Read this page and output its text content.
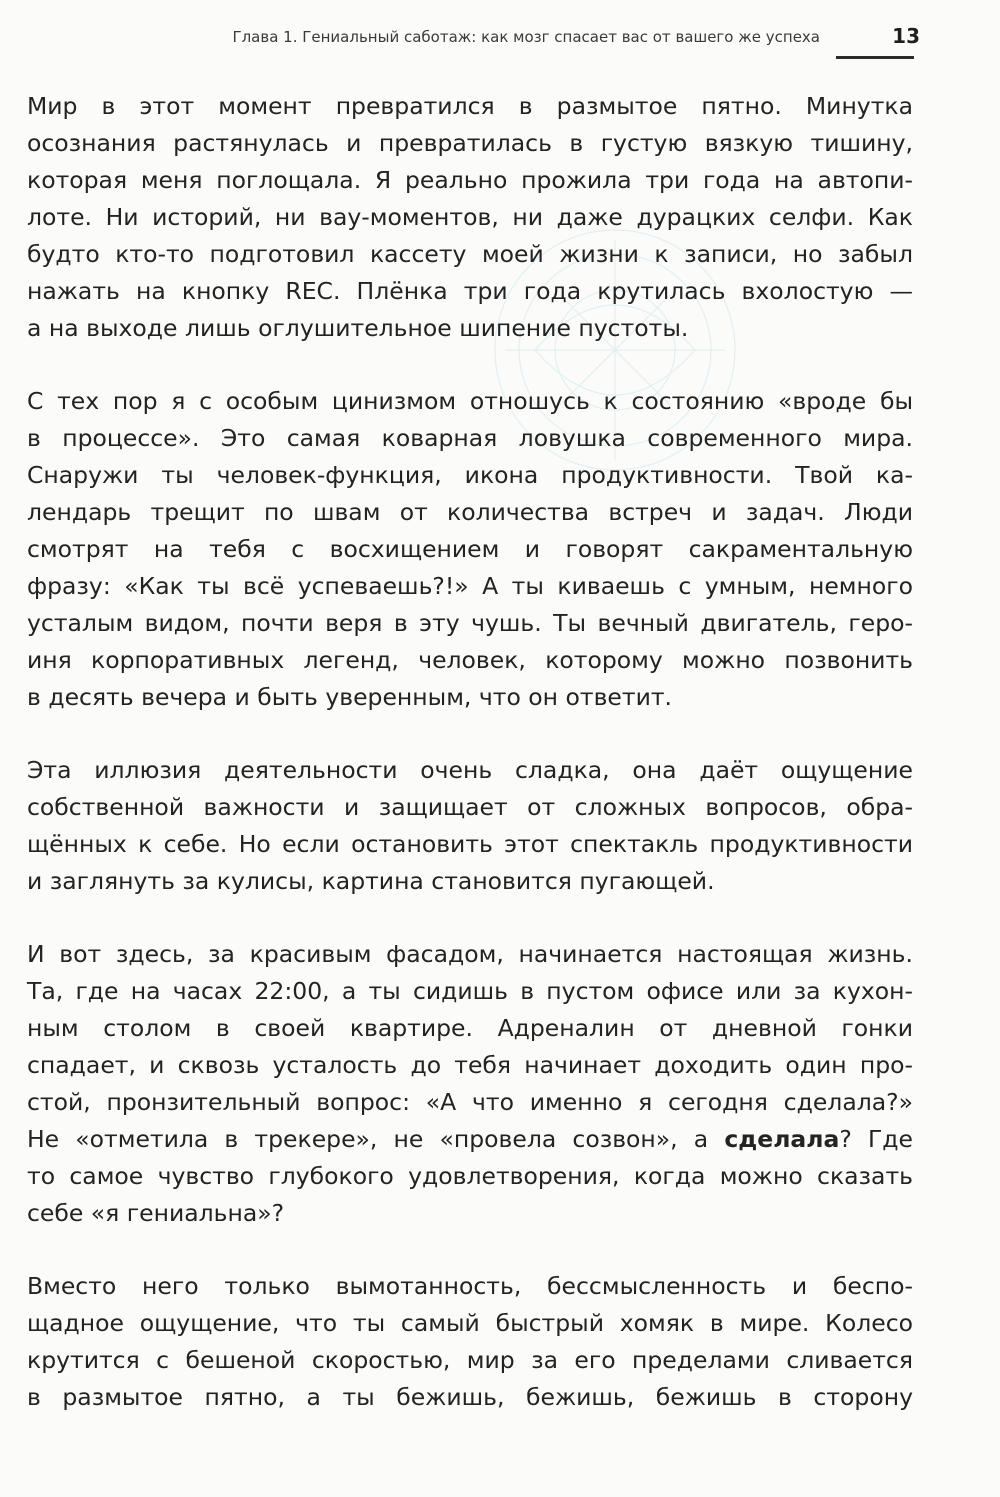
Глава 1. Гениальный саботаж: как мозг спасает вас от вашего же успеха	13

Мир в этот момент превратился в размытое пятно. Минутка
осознания растянулась и превратилась в густую вязкую тишину,
которая меня поглощала. Я реально прожила три года на автопи-
лоте. Ни историй, ни вау-моментов, ни даже дурацких селфи. Как
будто кто-то подготовил кассету моей жизни к записи, но забыл
нажать на кнопку REC. Плёнка три года крутилась вхолостую —
а на выходе лишь оглушительное шипение пустоты.

С тех пор я с особым цинизмом отношусь к состоянию «вроде бы
в процессе». Это самая коварная ловушка современного мира.
Снаружи ты человек-функция, икона продуктивности. Твой ка-
лендарь трещит по швам от количества встреч и задач. Люди
смотрят на тебя с восхищением и говорят сакраментальную
фразу: «Как ты всё успеваешь?!» А ты киваешь с умным, немного
усталым видом, почти веря в эту чушь. Ты вечный двигатель, геро-
иня корпоративных легенд, человек, которому можно позвонить
в десять вечера и быть уверенным, что он ответит.

Эта иллюзия деятельности очень сладка, она даёт ощущение
собственной важности и защищает от сложных вопросов, обра-
щённых к себе. Но если остановить этот спектакль продуктивности
и заглянуть за кулисы, картина становится пугающей.

И вот здесь, за красивым фасадом, начинается настоящая жизнь.
Та, где на часах 22:00, а ты сидишь в пустом офисе или за кухон-
ным столом в своей квартире. Адреналин от дневной гонки
спадает, и сквозь усталость до тебя начинает доходить один про-
стой, пронзительный вопрос: «А что именно я сегодня сделала?»
Не «отметила в трекере», не «провела созвон», а сделала? Где
то самое чувство глубокого удовлетворения, когда можно сказать
себе «я гениальна»?

Вместо него только вымотанность, бессмысленность и беспо-
щадное ощущение, что ты самый быстрый хомяк в мире. Колесо
крутится с бешеной скоростью, мир за его пределами сливается
в размытое пятно, а ты бежишь, бежишь, бежишь в сторону
